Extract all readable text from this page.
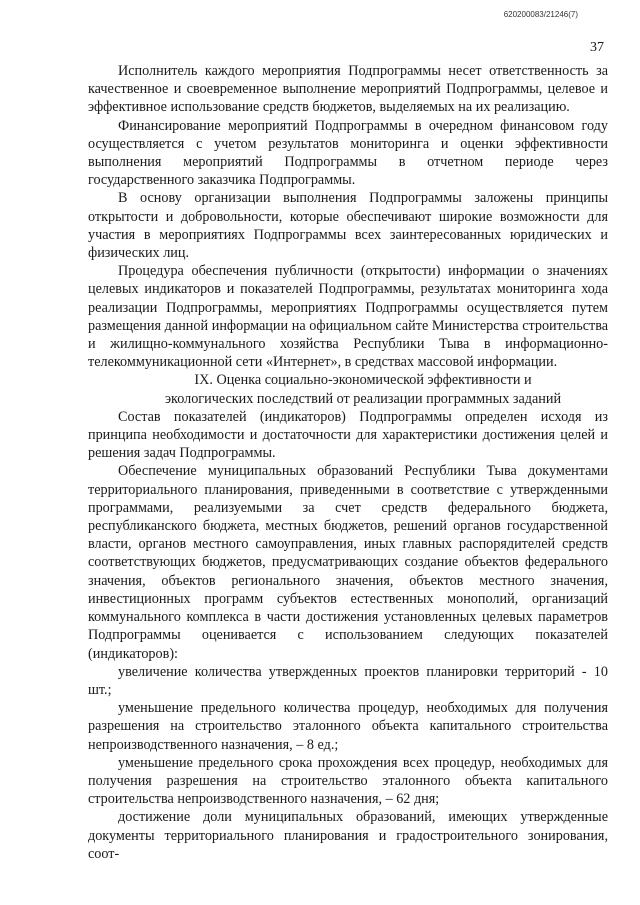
620200083/21246(7)
37

Исполнитель каждого мероприятия Подпрограммы несет ответственность за качественное и своевременное выполнение мероприятий Подпрограммы, целевое и эффективное использование средств бюджетов, выделяемых на их реализацию.

Финансирование мероприятий Подпрограммы в очередном финансовом году осуществляется с учетом результатов мониторинга и оценки эффективности выполнения мероприятий Подпрограммы в отчетном периоде через государственного заказчика Подпрограммы.

В основу организации выполнения Подпрограммы заложены принципы открытости и добровольности, которые обеспечивают широкие возможности для участия в мероприятиях Подпрограммы всех заинтересованных юридических и физических лиц.

Процедура обеспечения публичности (открытости) информации о значениях целевых индикаторов и показателей Подпрограммы, результатах мониторинга хода реализации Подпрограммы, мероприятиях Подпрограммы осуществляется путем размещения данной информации на официальном сайте Министерства строительства и жилищно-коммунального хозяйства Республики Тыва в информационно-телекоммуникационной сети «Интернет», в средствах массовой информации.

IX. Оценка социально-экономической эффективности и
экологических последствий от реализации программных заданий

Состав показателей (индикаторов) Подпрограммы определен исходя из принципа необходимости и достаточности для характеристики достижения целей и решения задач Подпрограммы.

Обеспечение муниципальных образований Республики Тыва документами территориального планирования, приведенными в соответствие с утвержденными программами, реализуемыми за счет средств федерального бюджета, республиканского бюджета, местных бюджетов, решений органов государственной власти, органов местного самоуправления, иных главных распорядителей средств соответствующих бюджетов, предусматривающих создание объектов федерального значения, объектов регионального значения, объектов местного значения, инвестиционных программ субъектов естественных монополий, организаций коммунального комплекса в части достижения установленных целевых параметров Подпрограммы оценивается с использованием следующих показателей (индикаторов):

увеличение количества утвержденных проектов планировки территорий - 10 шт.;

уменьшение предельного количества процедур, необходимых для получения разрешения на строительство эталонного объекта капитального строительства непроизводственного назначения, – 8 ед.;

уменьшение предельного срока прохождения всех процедур, необходимых для получения разрешения на строительство эталонного объекта капитального строительства непроизводственного назначения, – 62 дня;

достижение доли муниципальных образований, имеющих утвержденные документы территориального планирования и градостроительного зонирования, соот-
